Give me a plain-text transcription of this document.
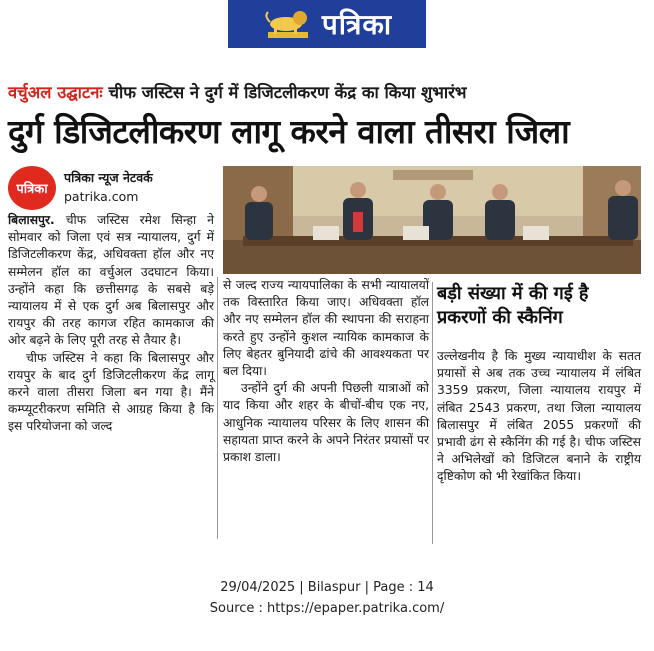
पत्रिका
वर्चुअल उद्घाटनः चीफ जस्टिस ने दुर्ग में डिजिटलीकरण केंद्र का किया शुभारंभ
दुर्ग डिजिटलीकरण लागू करने वाला तीसरा जिला
पत्रिका
पत्रिका न्यूज नेटवर्क
patrika.com

बिलासपुर. चीफ जस्टिस रमेश सिन्हा ने सोमवार को जिला एवं सत्र न्यायालय, दुर्ग में डिजिटलीकरण केंद्र, अधिवक्ता हॉल और नए सम्मेलन हॉल का वर्चुअल उदघाटन किया। उन्होंने कहा कि छत्तीसगढ़ के सबसे बड़े न्यायालय में से एक दुर्ग अब बिलासपुर और रायपुर की तरह कागज रहित कामकाज की ओर बढ़ने के लिए पूरी तरह से तैयार है।

चीफ जस्टिस ने कहा कि बिलासपुर और रायपुर के बाद दुर्ग डिजिटलीकरण केंद्र लागू करने वाला तीसरा जिला बन गया है। मैंने कम्प्यूटरीकरण समिति से आग्रह किया है कि इस परियोजना को जल्द

से जल्द राज्य न्यायपालिका के सभी न्यायालयों तक विस्तारित किया जाए। अधिवक्ता हॉल और नए सम्मेलन हॉल की स्थापना की सराहना करते हुए उन्होंने कुशल न्यायिक कामकाज के लिए बेहतर बुनियादी ढांचे की आवश्यकता पर बल दिया।

उन्होंने दुर्ग की अपनी पिछली यात्राओं को याद किया और शहर के बीचों-बीच एक नए, आधुनिक न्यायालय परिसर के लिए शासन की सहायता प्राप्त करने के अपने निरंतर प्रयासों पर प्रकाश डाला।

बड़ी संख्या में की गई है प्रकरणों की स्कैनिंग

उल्लेखनीय है कि मुख्य न्यायाधीश के सतत प्रयासों से अब तक उच्च न्यायालय में लंबित 3359 प्रकरण, जिला न्यायालय रायपुर में लंबित 2543 प्रकरण, तथा जिला न्यायालय बिलासपुर में लंबित 2055 प्रकरणों की प्रभावी ढंग से स्कैनिंग की गई है। चीफ जस्टिस ने अभिलेखों को डिजिटल बनाने के राष्ट्रीय दृष्टिकोण को भी रेखांकित किया।

29/04/2025 | Bilaspur | Page : 14
Source : https://epaper.patrika.com/
